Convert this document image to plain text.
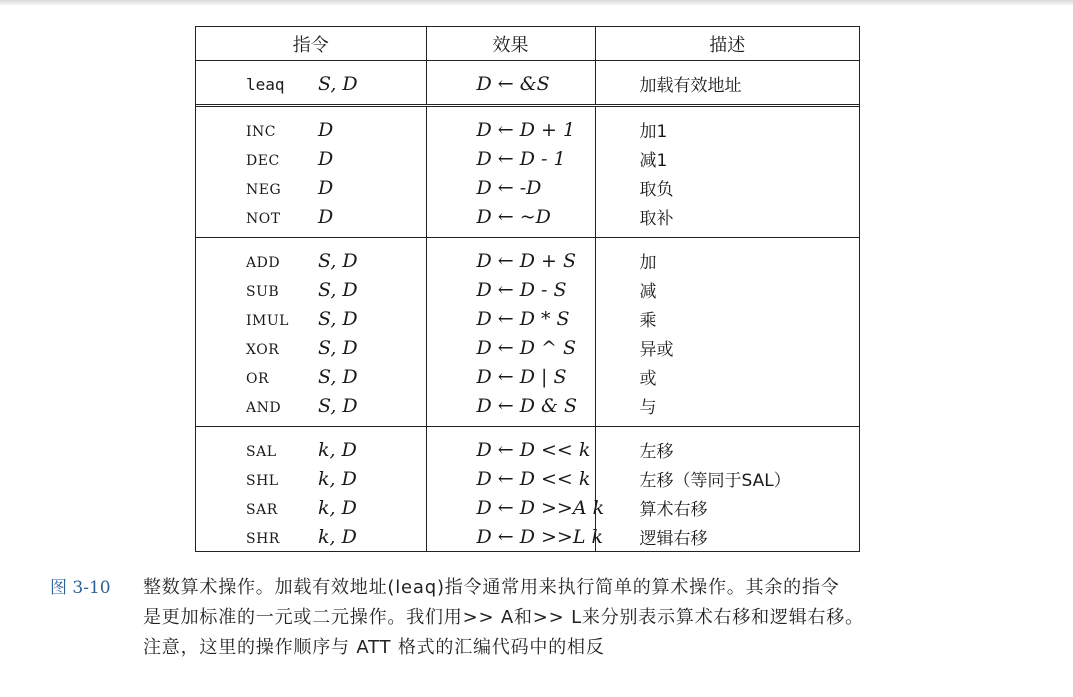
指令	效果	描述
leaq S, D	D ← &S	加载有效地址
INC D	D ← D + 1	加1
DEC D	D ← D - 1	减1
NEG D	D ← -D	取负
NOT D	D ← ~D	取补
ADD S, D	D ← D + S	加
SUB S, D	D ← D - S	减
IMUL S, D	D ← D * S	乘
XOR S, D	D ← D ^ S	异或
OR S, D	D ← D | S	或
AND S, D	D ← D & S	与
SAL k, D	D ← D << k	左移
SHL k, D	D ← D << k	左移（等同于SAL）
SAR k, D	D ← D >>A k	算术右移
SHR k, D	D ← D >>L k	逻辑右移
图 3-10 整数算术操作。加载有效地址(leaq)指令通常用来执行简单的算术操作。其余的指令

是更加标准的一元或二元操作。我们用>> A和>> L来分别表示算术右移和逻辑右移。

注意，这里的操作顺序与 ATT 格式的汇编代码中的相反
